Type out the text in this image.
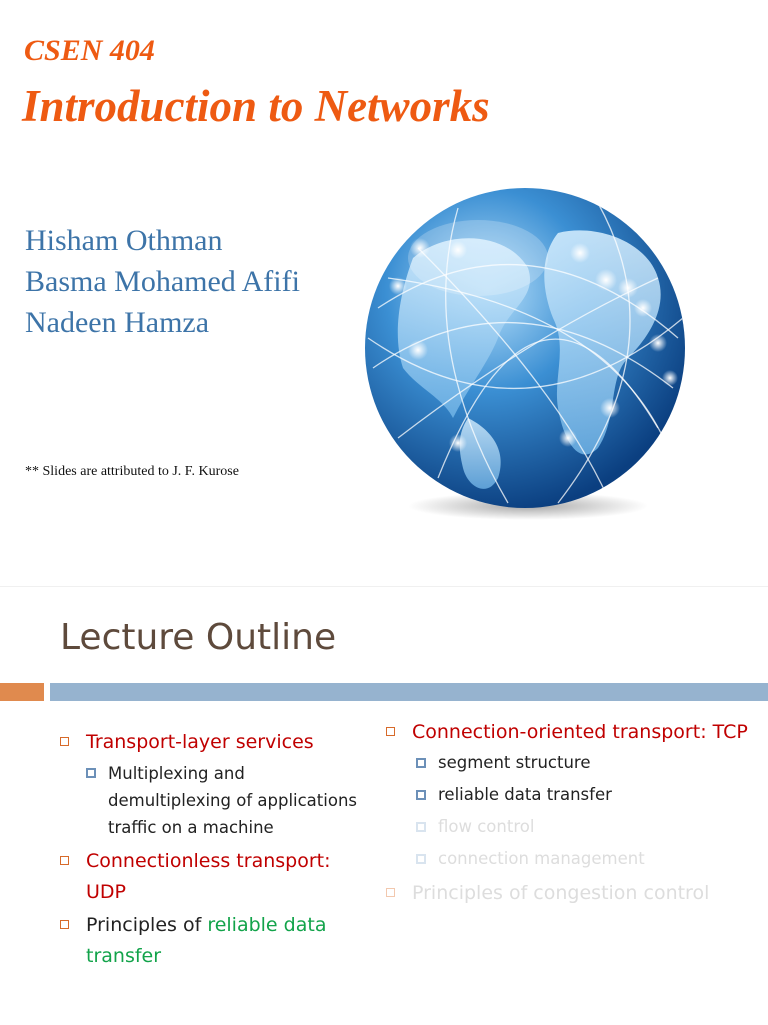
CSEN 404
Introduction to Networks
Hisham Othman
Basma Mohamed Afifi
Nadeen Hamza

** Slides are attributed to J. F. Kurose

Lecture Outline
Transport-layer services
Multiplexing and demultiplexing of applications traffic on a machine
Connectionless transport: UDP
Principles of reliable data transfer
Connection-oriented transport: TCP
segment structure
reliable data transfer
flow control
connection management
Principles of congestion control
